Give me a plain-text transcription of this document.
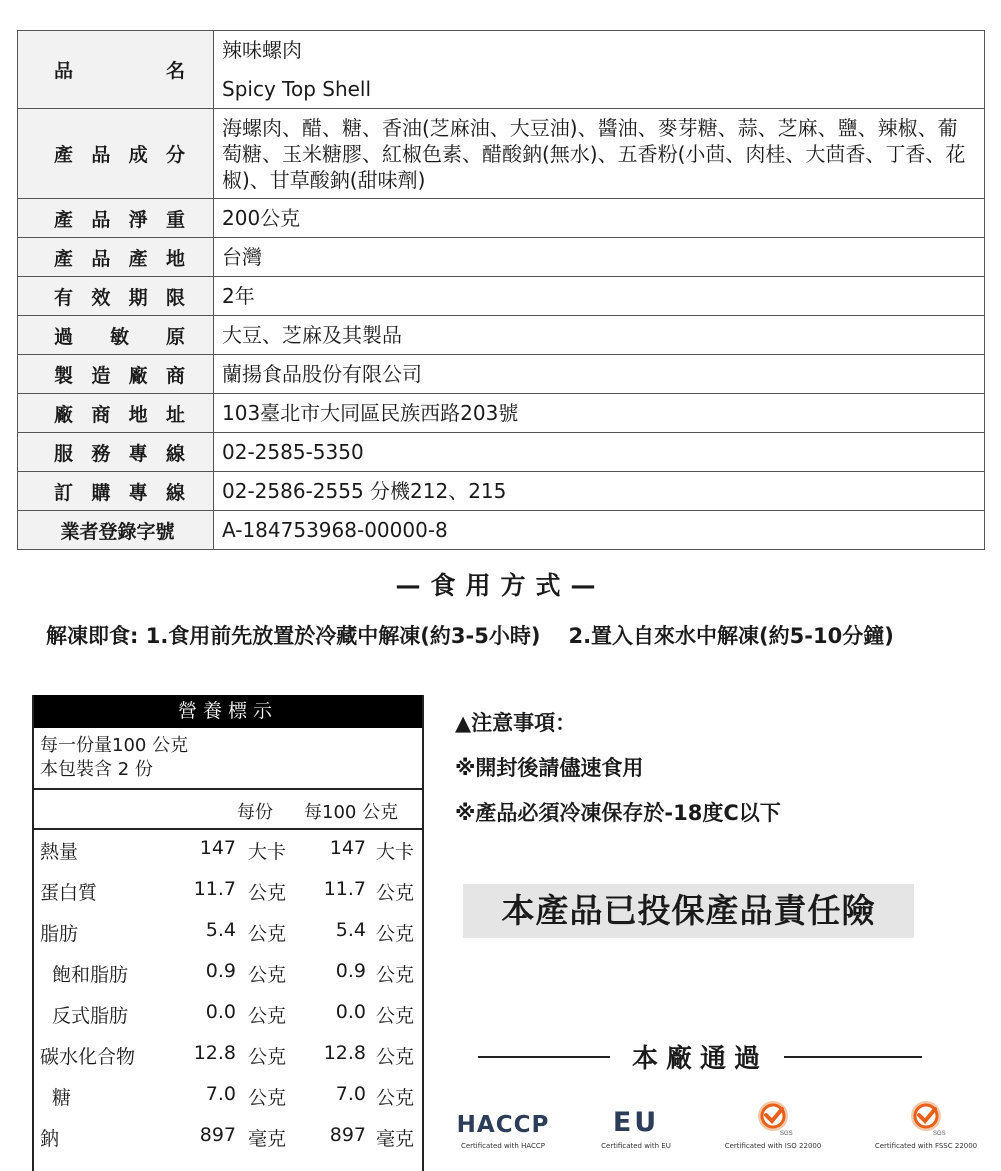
品　　名	辣味螺肉
Spicy Top Shell

產品成分	海螺肉、醋、糖、香油(芝麻油、大豆油)、醬油、麥芽糖、蒜、芝麻、鹽、辣椒、葡萄糖、玉米糖膠、紅椒色素、醋酸鈉(無水)、五香粉(小茴、肉桂、大茴香、丁香、花椒)、甘草酸鈉(甜味劑)
產品淨重	200公克
產品產地	台灣
有效期限	2年
過敏原	大豆、芝麻及其製品
製造廠商	蘭揚食品股份有限公司
廠商地址	103臺北市大同區民族西路203號
服務專線	02-2585-5350
訂購專線	02-2586-2555 分機212、215
業者登錄字號	A-184753968-00000-8
—食用方式—
解凍即食: 1.食用前先放置於冷藏中解凍(約3-5小時) 2.置入自來水中解凍(約5-10分鐘)
營養標示
每一份量100 公克
本包裝含 2 份
每份 每100 公克
熱量	147 大卡 147 大卡
蛋白質	11.7 公克 11.7 公克
脂肪	5.4 公克	5.4 公克
飽和脂肪	0.9 公克	0.9 公克
反式脂肪	0.0 公克	0.0 公克
碳水化合物	12.8 公克 12.8 公克
糖	7.0 公克	7.0 公克
鈉	897 毫克 897 毫克
▲注意事項：
※開封後請儘速食用
※產品必須冷凍保存於-18度C以下
本產品已投保產品責任險
本廠通過
HACCP
Certificated with HACCP
EU
Certificated with EU
SGS
Certificated with ISO 22000
SGS
Certificated with FSSC 22000
